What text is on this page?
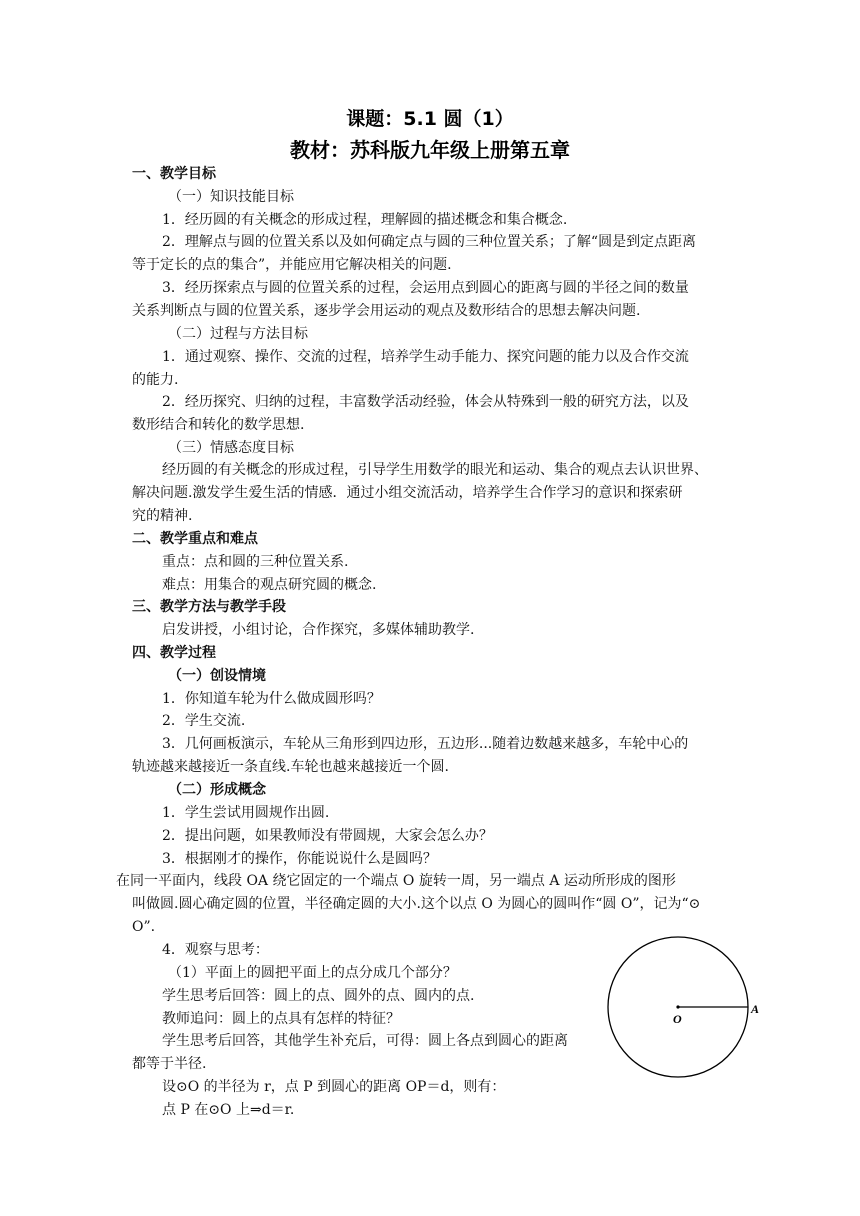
课题：5.1 圆（1）
教材：苏科版九年级上册第五章
一、教学目标
（一）知识技能目标
1．经历圆的有关概念的形成过程，理解圆的描述概念和集合概念.
2．理解点与圆的位置关系以及如何确定点与圆的三种位置关系；了解“圆是到定点距离
等于定长的点的集合”，并能应用它解决相关的问题.
3．经历探索点与圆的位置关系的过程，会运用点到圆心的距离与圆的半径之间的数量
关系判断点与圆的位置关系，逐步学会用运动的观点及数形结合的思想去解决问题.
（二）过程与方法目标
1．通过观察、操作、交流的过程，培养学生动手能力、探究问题的能力以及合作交流
的能力.
2．经历探究、归纳的过程，丰富数学活动经验，体会从特殊到一般的研究方法，以及
数形结合和转化的数学思想.
（三）情感态度目标
经历圆的有关概念的形成过程，引导学生用数学的眼光和运动、集合的观点去认识世界、
解决问题.激发学生爱生活的情感．通过小组交流活动，培养学生合作学习的意识和探索研
究的精神.
二、教学重点和难点
重点：点和圆的三种位置关系.
难点：用集合的观点研究圆的概念.
三、教学方法与教学手段
启发讲授，小组讨论，合作探究，多媒体辅助教学.
四、教学过程
（一）创设情境
1．你知道车轮为什么做成圆形吗？
2．学生交流.
3．几何画板演示，车轮从三角形到四边形，五边形...随着边数越来越多，车轮中心的
轨迹越来越接近一条直线.车轮也越来越接近一个圆.
（二）形成概念
1．学生尝试用圆规作出圆.
2．提出问题，如果教师没有带圆规，大家会怎么办？
3．根据刚才的操作，你能说说什么是圆吗？
在同一平面内，线段 OA 绕它固定的一个端点 O 旋转一周，另一端点 A 运动所形成的图形
叫做圆.圆心确定圆的位置，半径确定圆的大小.这个以点 O 为圆心的圆叫作“圆 O”，记为“⊙
O”.
4．观察与思考：
（1）平面上的圆把平面上的点分成几个部分？
学生思考后回答：圆上的点、圆外的点、圆内的点.
教师追问：圆上的点具有怎样的特征？
学生思考后回答，其他学生补充后，可得：圆上各点到圆心的距离
都等于半径.
设⊙O 的半径为 r，点 P 到圆心的距离 OP＝d，则有：
点 P 在⊙O 上⇒d＝r.
O
A
